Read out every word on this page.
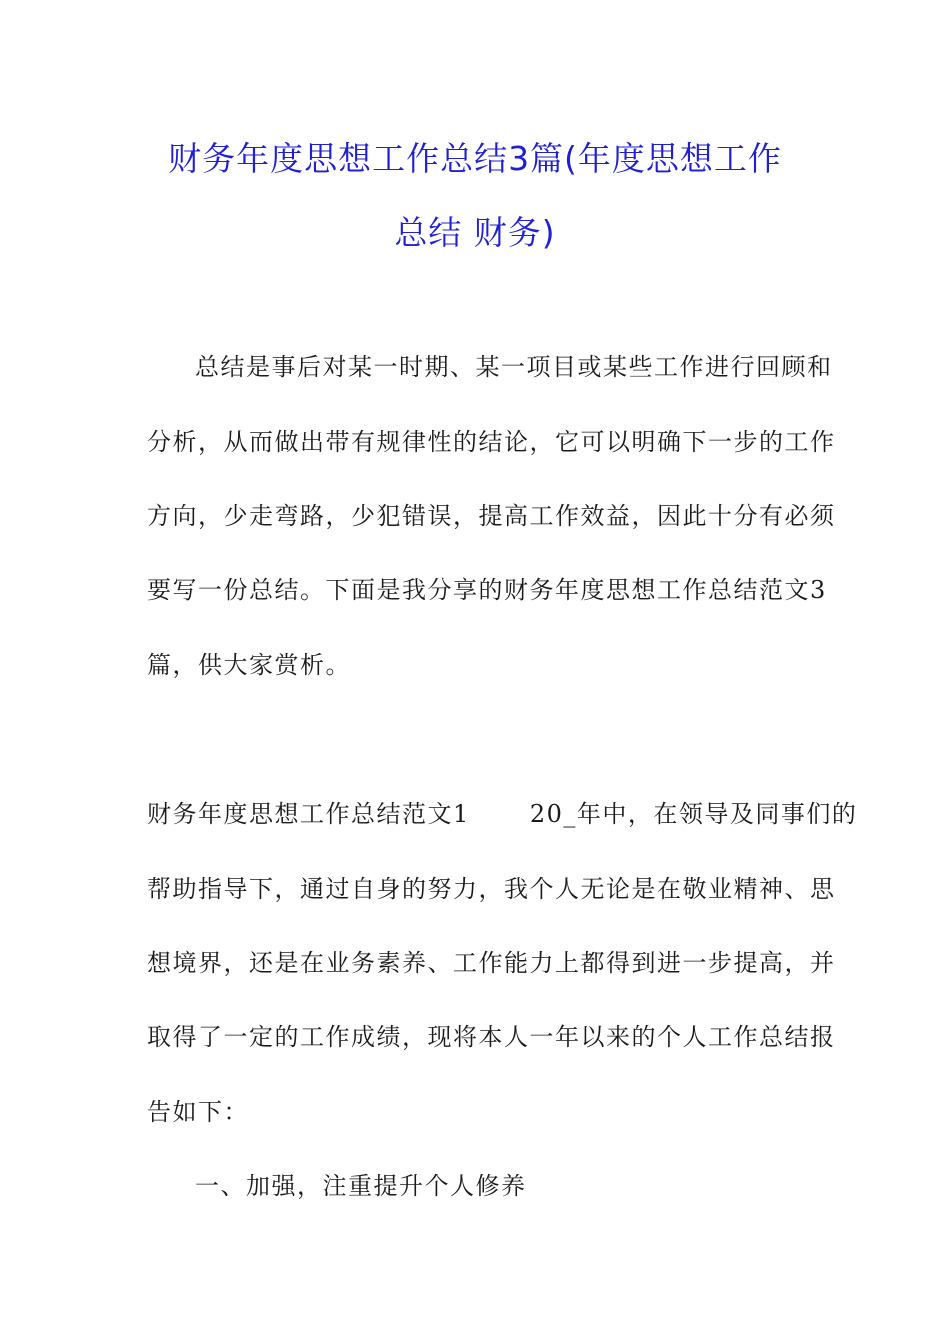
财务年度思想工作总结3篇(年度思想工作
总结 财务)
总结是事后对某一时期、某一项目或某些工作进行回顾和
分析，从而做出带有规律性的结论，它可以明确下一步的工作
方向，少走弯路，少犯错误，提高工作效益，因此十分有必须
要写一份总结。下面是我分享的财务年度思想工作总结范文3
篇，供大家赏析。
财务年度思想工作总结范文1　　 20_年中，在领导及同事们的
帮助指导下，通过自身的努力，我个人无论是在敬业精神、思
想境界，还是在业务素养、工作能力上都得到进一步提高，并
取得了一定的工作成绩，现将本人一年以来的个人工作总结报
告如下：
一、加强，注重提升个人修养
